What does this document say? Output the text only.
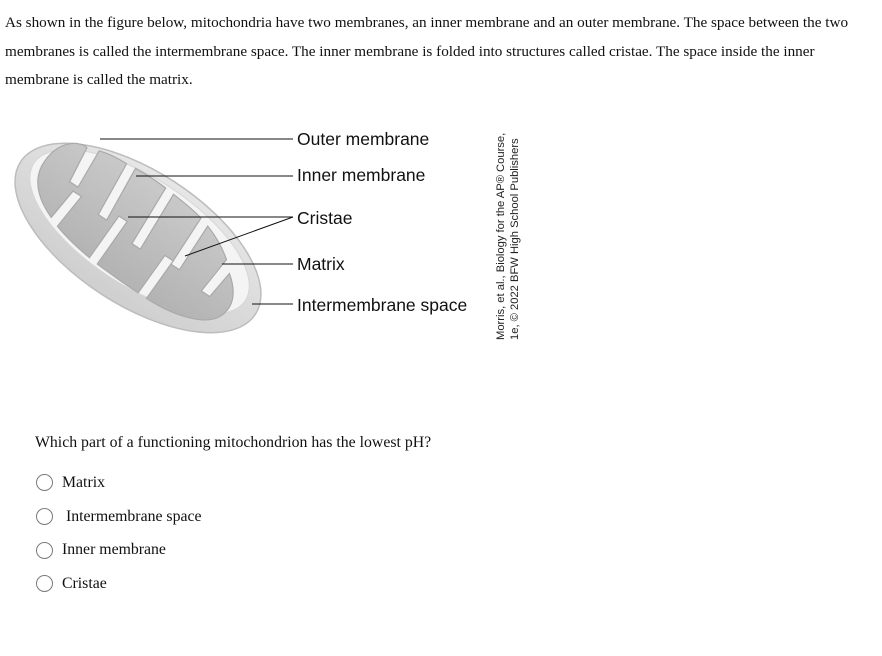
As shown in the figure below, mitochondria have two membranes, an inner membrane and an outer membrane. The space between the two membranes is called the intermembrane space. The inner membrane is folded into structures called cristae. The space inside the inner membrane is called the matrix.

Outer membrane
Inner membrane
Cristae
Matrix
Intermembrane space Morris, et al., Biology for the AP® Course, 1e, © 2022 BFW High School Publishers

Which part of a functioning mitochondrion has the lowest pH?

Matrix
Intermembrane space
Inner membrane
Cristae
